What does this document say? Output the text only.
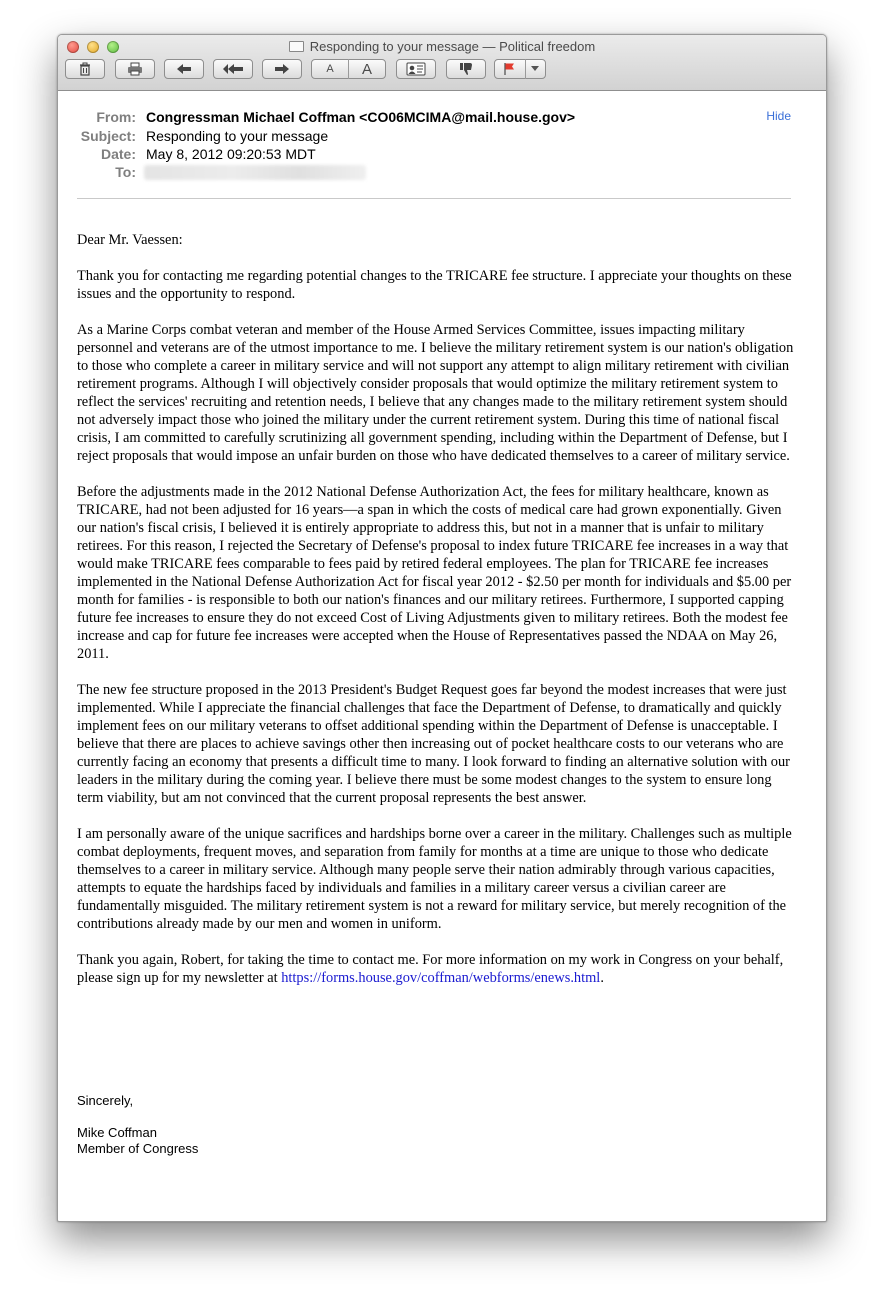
Responding to your message — Political freedom
A	A
From: Congressman Michael Coffman <CO06MCIMA@mail.house.gov>
Subject: Responding to your message
Date: May 8, 2012 09:20:53 MDT
To:
Hide

Dear Mr. Vaessen:

Thank you for contacting me regarding potential changes to the TRICARE fee structure. I appreciate your thoughts on these issues and the opportunity to respond.

As a Marine Corps combat veteran and member of the House Armed Services Committee, issues impacting military personnel and veterans are of the utmost importance to me. I believe the military retirement system is our nation's obligation to those who complete a career in military service and will not support any attempt to align military retirement with civilian retirement programs. Although I will objectively consider proposals that would optimize the military retirement system to reflect the services' recruiting and retention needs, I believe that any changes made to the military retirement system should not adversely impact those who joined the military under the current retirement system. During this time of national fiscal crisis, I am committed to carefully scrutinizing all government spending, including within the Department of Defense, but I reject proposals that would impose an unfair burden on those who have dedicated themselves to a career of military service.

Before the adjustments made in the 2012 National Defense Authorization Act, the fees for military healthcare, known as TRICARE, had not been adjusted for 16 years—a span in which the costs of medical care had grown exponentially. Given our nation's fiscal crisis, I believed it is entirely appropriate to address this, but not in a manner that is unfair to military retirees. For this reason, I rejected the Secretary of Defense's proposal to index future TRICARE fee increases in a way that would make TRICARE fees comparable to fees paid by retired federal employees. The plan for TRICARE fee increases implemented in the National Defense Authorization Act for fiscal year 2012 - $2.50 per month for individuals and $5.00 per month for families - is responsible to both our nation's finances and our military retirees. Furthermore, I supported capping future fee increases to ensure they do not exceed Cost of Living Adjustments given to military retirees. Both the modest fee increase and cap for future fee increases were accepted when the House of Representatives passed the NDAA on May 26, 2011.

The new fee structure proposed in the 2013 President's Budget Request goes far beyond the modest increases that were just implemented. While I appreciate the financial challenges that face the Department of Defense, to dramatically and quickly implement fees on our military veterans to offset additional spending within the Department of Defense is unacceptable. I believe that there are places to achieve savings other then increasing out of pocket healthcare costs to our veterans who are currently facing an economy that presents a difficult time to many. I look forward to finding an alternative solution with our leaders in the military during the coming year. I believe there must be some modest changes to the system to ensure long term viability, but am not convinced that the current proposal represents the best answer.

I am personally aware of the unique sacrifices and hardships borne over a career in the military. Challenges such as multiple combat deployments, frequent moves, and separation from family for months at a time are unique to those who dedicate themselves to a career in military service. Although many people serve their nation admirably through various capacities, attempts to equate the hardships faced by individuals and families in a military career versus a civilian career are fundamentally misguided. The military retirement system is not a reward for military service, but merely recognition of the contributions already made by our men and women in uniform.

Thank you again, Robert, for taking the time to contact me. For more information on my work in Congress on your behalf, please sign up for my newsletter at https://forms.house.gov/coffman/webforms/enews.html.

Sincerely,
Mike Coffman
Member of Congress
